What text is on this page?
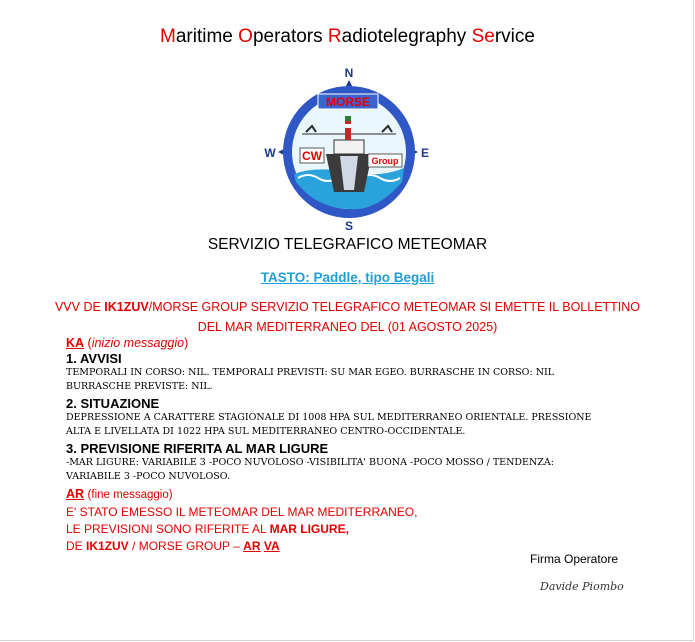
Maritime Operators Radiotelegraphy Service
N
S
W	E
MORSE
CW	Group
SERVIZIO TELEGRAFICO METEOMAR
TASTO: Paddle, tipo Begali
VVV DE IK1ZUV/MORSE GROUP SERVIZIO TELEGRAFICO METEOMAR SI EMETTE IL BOLLETTINO
DEL MAR MEDITERRANEO DEL (01 AGOSTO 2025)
KA (inizio messaggio)
1. AVVISI

TEMPORALI IN CORSO: NIL. TEMPORALI PREVISTI: SU MAR EGEO. BURRASCHE IN CORSO: NIL
BURRASCHE PREVISTE: NIL.

2. SITUAZIONE

DEPRESSIONE A CARATTERE STAGIONALE DI 1008 HPA SUL MEDITERRANEO ORIENTALE. PRESSIONE
ALTA E LIVELLATA DI 1022 HPA SUL MEDITERRANEO CENTRO-OCCIDENTALE.

3. PREVISIONE RIFERITA AL MAR LIGURE

-MAR LIGURE: VARIABILE 3 -POCO NUVOLOSO -VISIBILITA' BUONA -POCO MOSSO / TENDENZA:
VARIABILE 3 -POCO NUVOLOSO.

AR (fine messaggio)
E' STATO EMESSO IL METEOMAR DEL MAR MEDITERRANEO,
LE PREVISIONI SONO RIFERITE AL MAR LIGURE,
DE IK1ZUV / MORSE GROUP – AR VA
Firma Operatore
Davide Piombo
